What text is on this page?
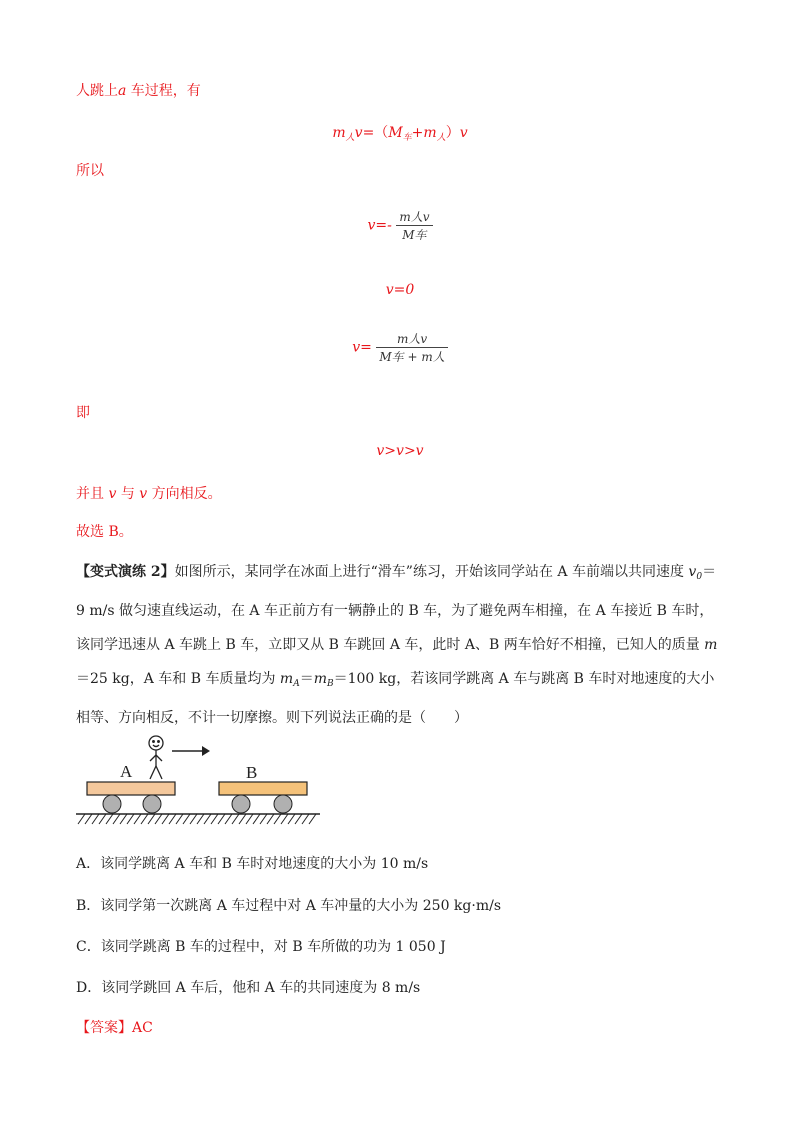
人跳上a 车过程，有
$m_人v=(M_车+m_人)v$
所以
$v=- \frac{\text{m人v}}{\text{M车}}$
v=0
$v= \frac{\text{m人v}}{\text{M车 + m人}}$
即
v>v>v
并且 v 与 v 方向相反。
故选 B。
【变式演练 2】如图所示，某同学在冰面上进行“滑车”练习，开始该同学站在 A 车前端以共同速度 $v_0=9$ m/s 做匀速直线运动，在 A 车正前方有一辆静止的 B 车，为了避免两车相撞，在 A 车接近 B 车时，该同学迅速从 A 车跳上 B 车，立即又从 B 车跳回 A 车，此时 A、B 两车恰好不相撞，已知人的质量 m＝25 kg，A 车和 B 车质量均为 $m_A=m_B=100$ kg，若该同学跳离 A 车与跳离 B 车时对地速度的大小相等、方向相反，不计一切摩擦。则下列说法正确的是（　　）
A	B
A．该同学跳离 A 车和 B 车时对地速度的大小为 10 m/s
B．该同学第一次跳离 A 车过程中对 A 车冲量的大小为 250 kg·m/s
C．该同学跳离 B 车的过程中，对 B 车所做的功为 1 050 J
D．该同学跳回 A 车后，他和 A 车的共同速度为 8 m/s
【答案】AC
